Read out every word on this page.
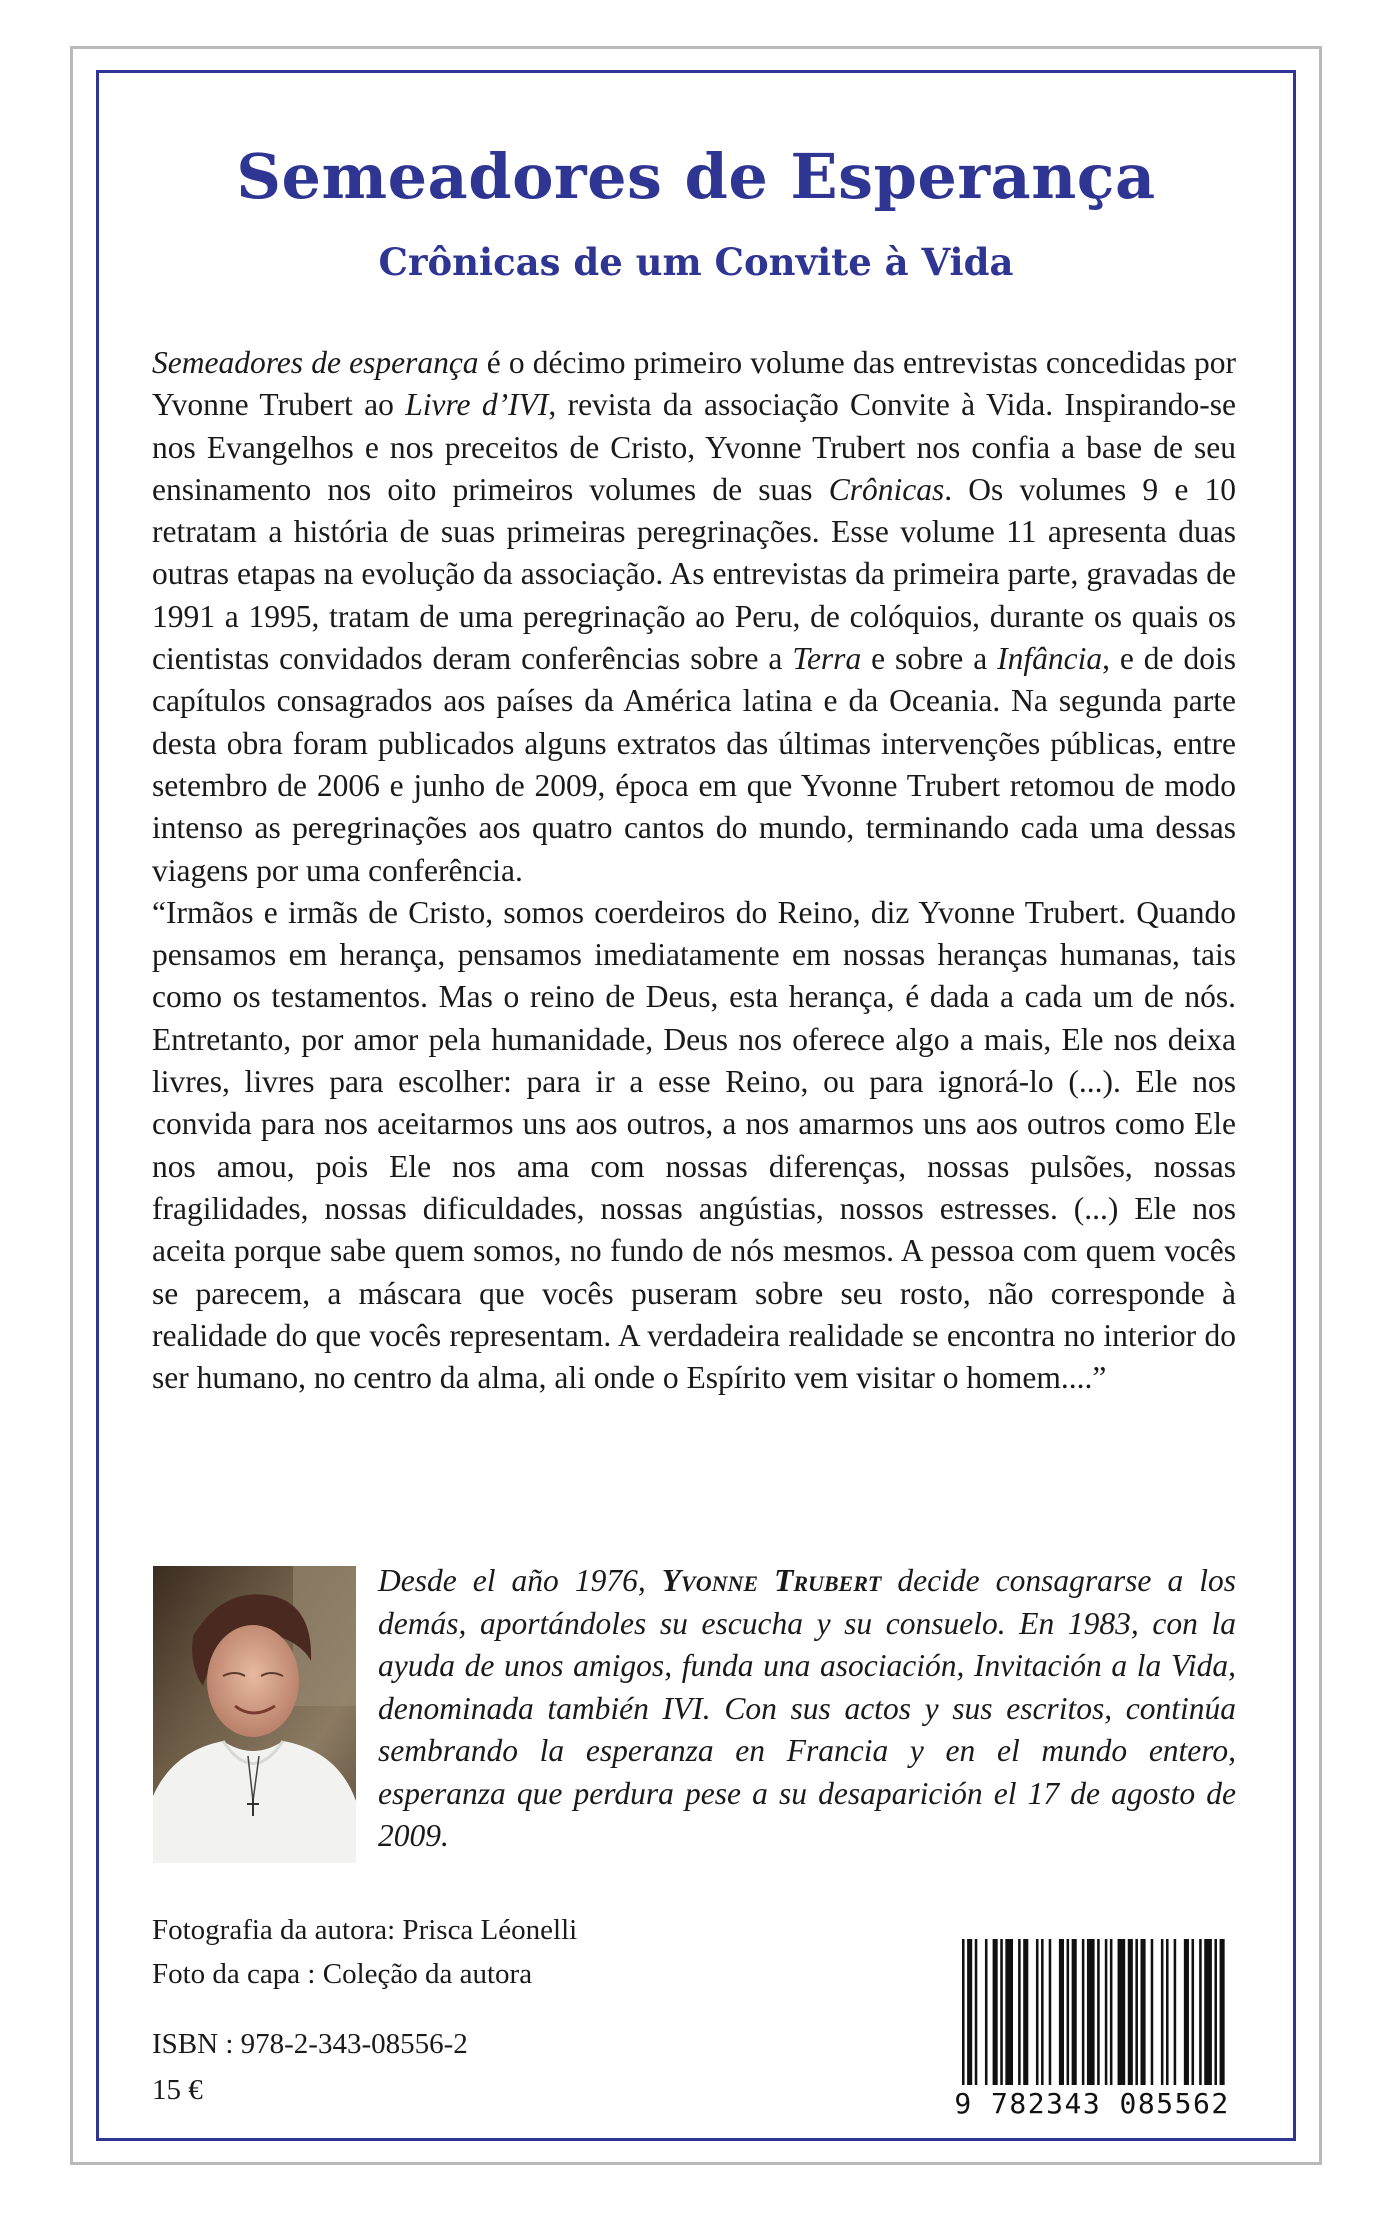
Semeadores de Esperança
Crônicas de um Convite à Vida

Semeadores de esperança é o décimo primeiro volume das entrevistas concedidas por Yvonne Trubert ao Livre d’IVI, revista da associação Convite à Vida. Inspirando-se nos Evangelhos e nos preceitos de Cristo, Yvonne Trubert nos confia a base de seu ensinamento nos oito primeiros volumes de suas Crônicas. Os volumes 9 e 10 retratam a história de suas primeiras peregrinações. Esse volume 11 apresenta duas outras etapas na evolução da associação. As entrevistas da primeira parte, gravadas de 1991 a 1995, tratam de uma peregrinação ao Peru, de colóquios, durante os quais os cientistas convidados deram conferências sobre a Terra e sobre a Infância, e de dois capítulos consagrados aos países da América latina e da Oceania. Na segunda parte desta obra foram publicados alguns extratos das últimas intervenções públicas, entre setembro de 2006 e junho de 2009, época em que Yvonne Trubert retomou de modo intenso as peregrinações aos quatro cantos do mundo, terminando cada uma dessas viagens por uma conferência.

“Irmãos e irmãs de Cristo, somos coerdeiros do Reino, diz Yvonne Trubert. Quando pensamos em herança, pensamos imediatamente em nossas heranças humanas, tais como os testamentos. Mas o reino de Deus, esta herança, é dada a cada um de nós. Entretanto, por amor pela humanidade, Deus nos oferece algo a mais, Ele nos deixa livres, livres para escolher: para ir a esse Reino, ou para ignorá-lo (...). Ele nos convida para nos aceitarmos uns aos outros, a nos amarmos uns aos outros como Ele nos amou, pois Ele nos ama com nossas diferenças, nossas pulsões, nossas fragilidades, nossas dificuldades, nossas angústias, nossos estresses. (...) Ele nos aceita porque sabe quem somos, no fundo de nós mesmos. A pessoa com quem vocês se parecem, a máscara que vocês puseram sobre seu rosto, não corresponde à realidade do que vocês representam. A verdadeira realidade se encontra no interior do ser humano, no centro da alma, ali onde o Espírito vem visitar o homem....”

Desde el año 1976, Yvonne Trubert decide consagrarse a los demás, aportándoles su escucha y su consuelo. En 1983, con la ayuda de unos amigos, funda una asociación, Invitación a la Vida, denominada también IVI. Con sus actos y sus escritos, continúa sembrando la esperanza en Francia y en el mundo entero, esperanza que perdura pese a su desaparición el 17 de agosto de 2009.

Fotografia da autora: Prisca Léonelli
Foto da capa : Coleção da autora
ISBN : 978-2-343-08556-2
15 €	9 782343 085562
